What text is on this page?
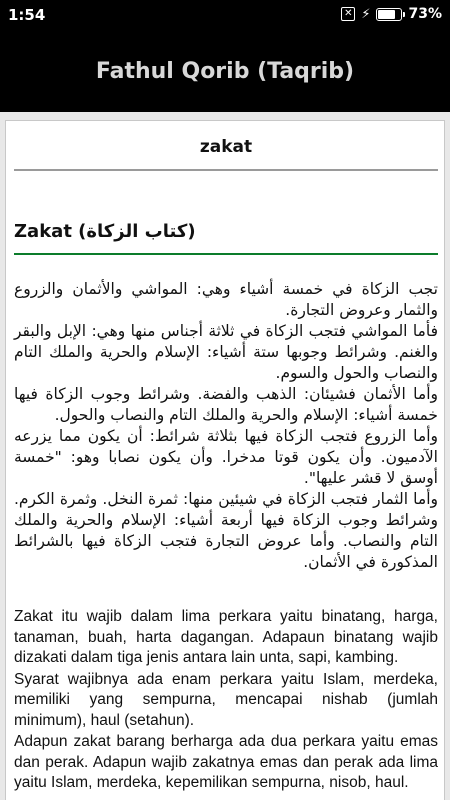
1:54	✕ ⚡	73%
Fathul Qorib (Taqrib)
zakat
Zakat (كتاب الزكاة)

تجب الزكاة في خمسة أشياء وهي: المواشي والأثمان والزروع والثمار وعروض التجارة.

فأما المواشي فتجب الزكاة في ثلاثة أجناس منها وهي: الإبل والبقر والغنم. وشرائط وجوبها ستة أشياء: الإسلام والحرية والملك التام والنصاب والحول والسوم.

وأما الأثمان فشيئان: الذهب والفضة. وشرائط وجوب الزكاة فيها خمسة أشياء: الإسلام والحرية والملك التام والنصاب والحول.

وأما الزروع فتجب الزكاة فيها بثلاثة شرائط: أن يكون مما يزرعه الآدميون. وأن يكون قوتا مدخرا. وأن يكون نصابا وهو: "خمسة أوسق لا قشر عليها".

وأما الثمار فتجب الزكاة في شيئين منها: ثمرة النخل. وثمرة الكرم. وشرائط وجوب الزكاة فيها أربعة أشياء: الإسلام والحرية والملك التام والنصاب. وأما عروض التجارة فتجب الزكاة فيها بالشرائط المذكورة في الأثمان.

Zakat itu wajib dalam lima perkara yaitu binatang, harga, tanaman, buah, harta dagangan. Adapaun binatang wajib dizakati dalam tiga jenis antara lain unta, sapi, kambing.

Syarat wajibnya ada enam perkara yaitu Islam, merdeka, memiliki yang sempurna, mencapai nishab (jumlah minimum), haul (setahun).

Adapun zakat barang berharga ada dua perkara yaitu emas dan perak. Adapun wajib zakatnya emas dan perak ada lima yaitu Islam, merdeka, kepemilikan sempurna, nisob, haul.
